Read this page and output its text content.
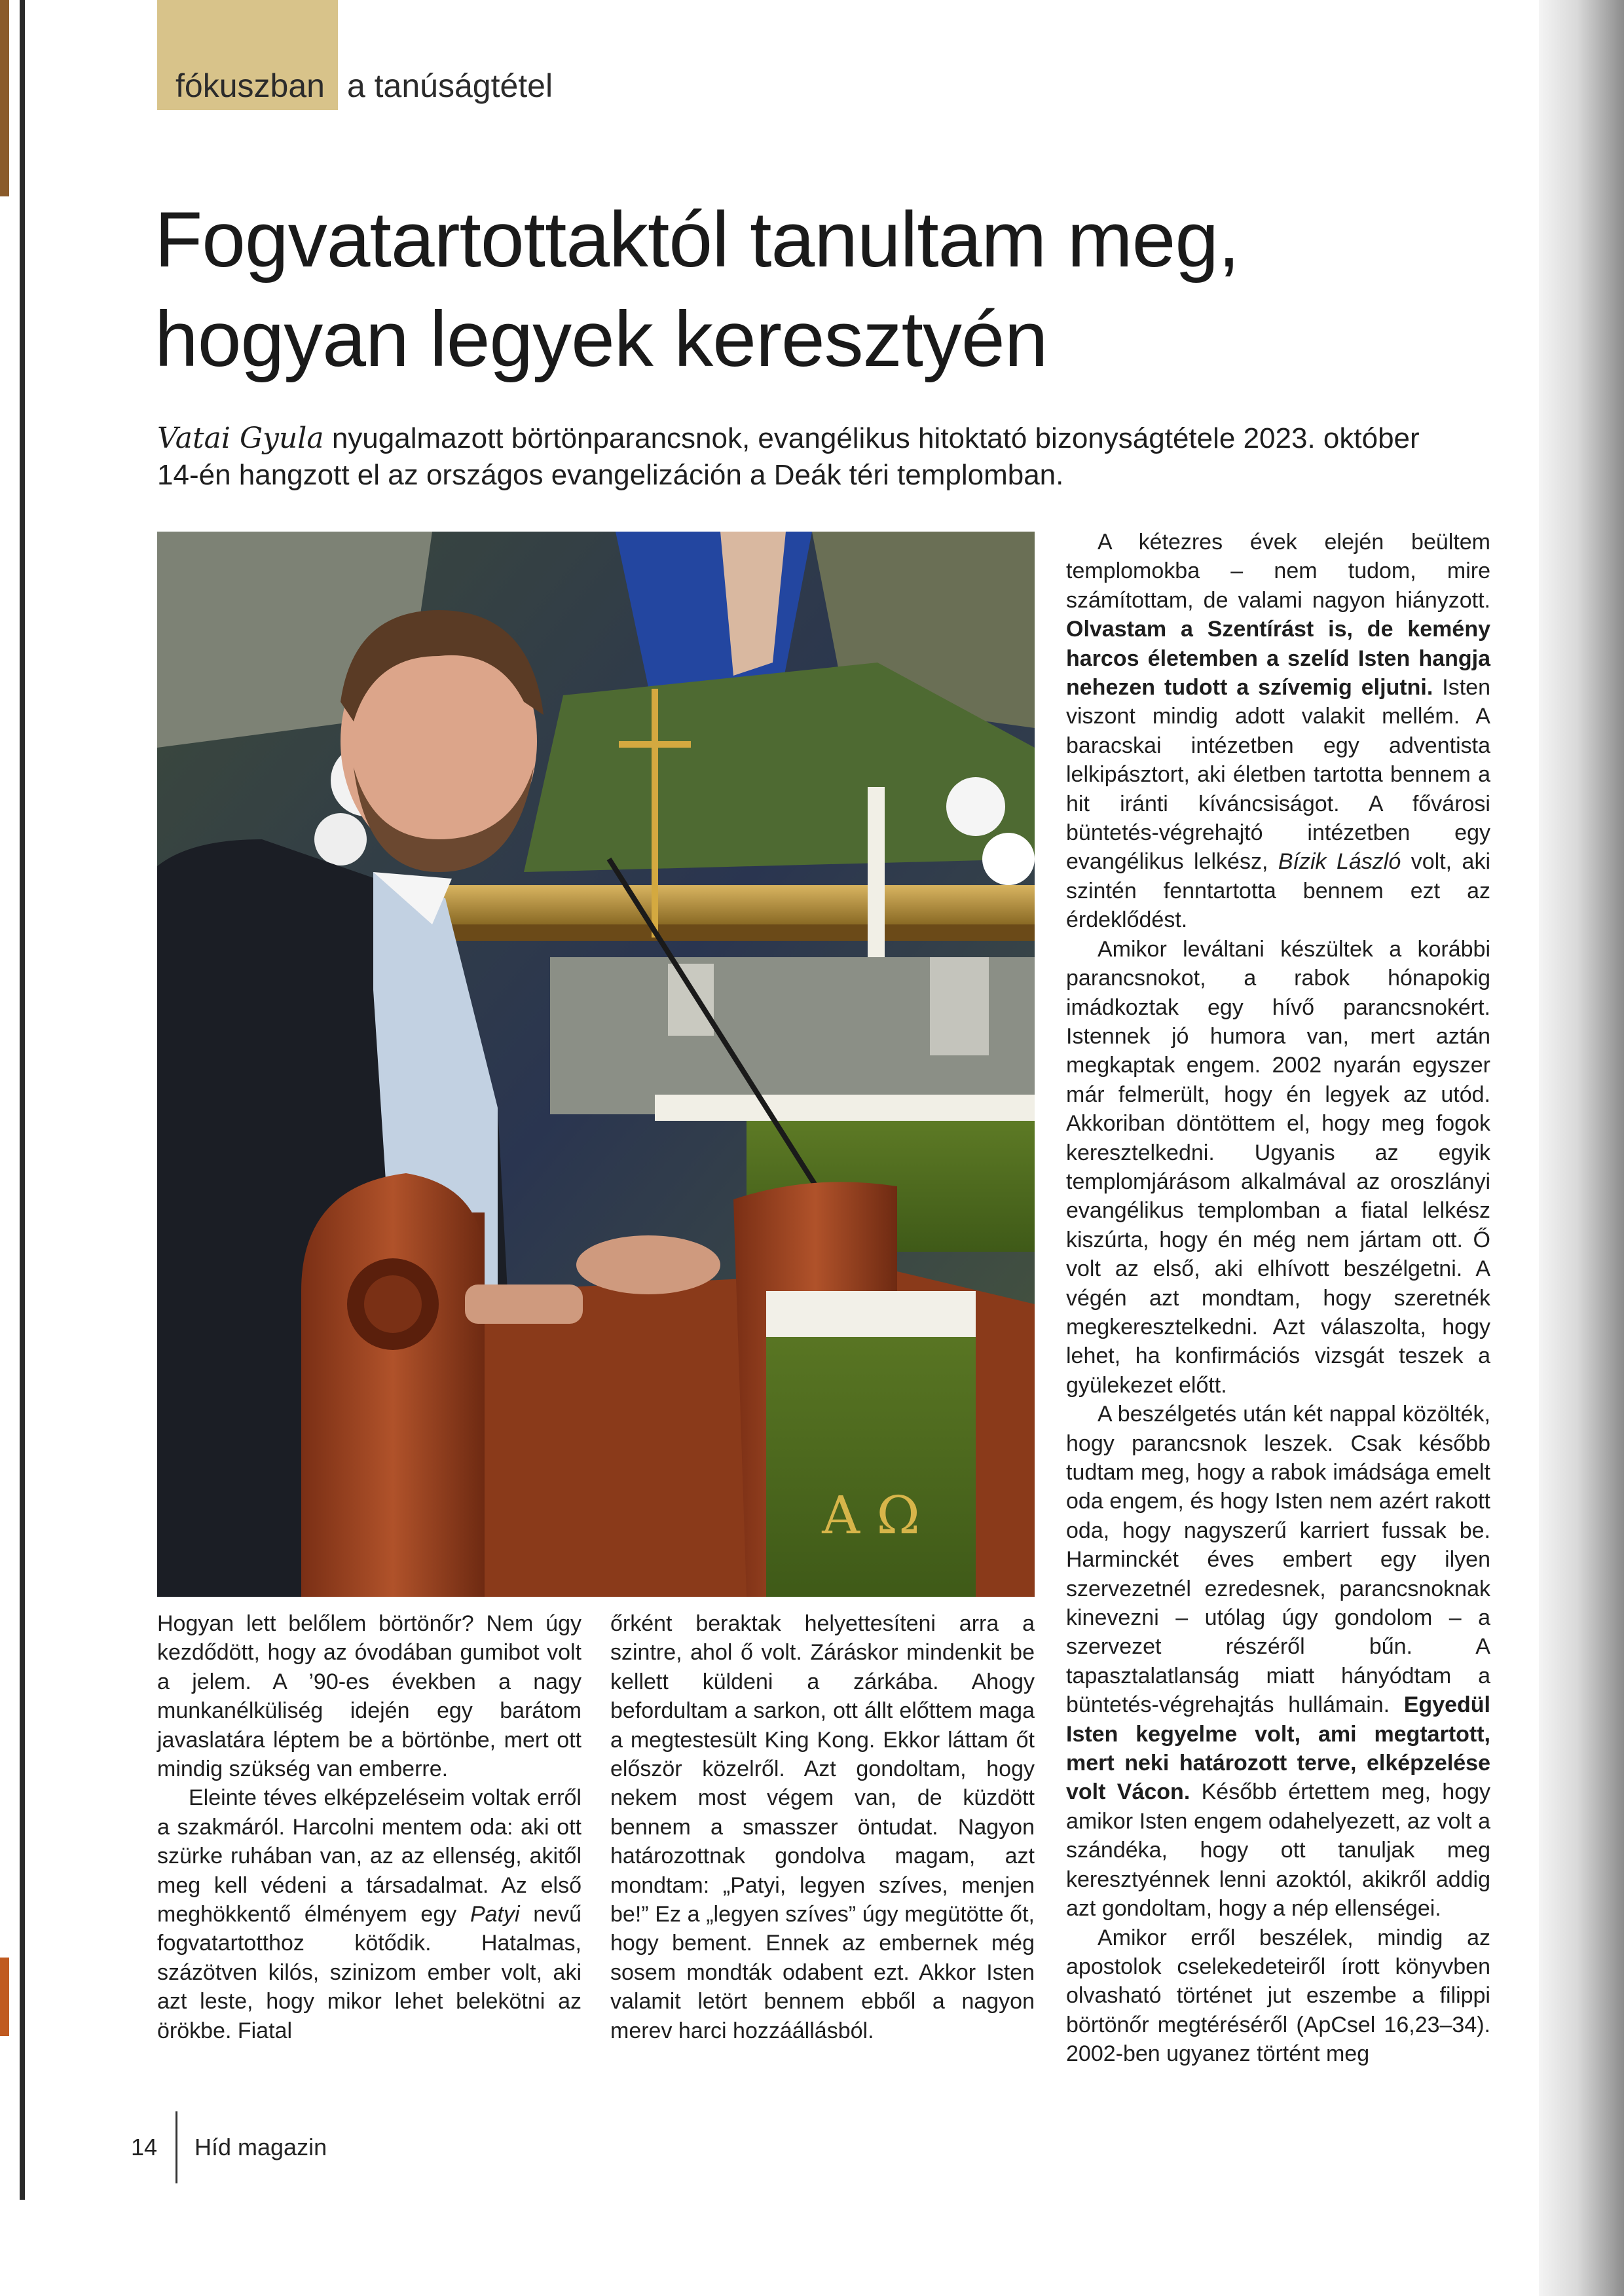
fókuszban a tanúságtétel
Fogvatartottaktól tanultam meg,
hogyan legyek keresztyén
Vatai Gyula nyugalmazott börtönparancsnok, evangélikus hitoktató bizonyságtétele 2023. október 14-én hangzott el az országos evangelizáción a Deák téri templomban.
A Ω

Hogyan lett belőlem börtönőr? Nem úgy kezdődött, hogy az óvodában gumibot volt a jelem. A ’90-es években a nagy munkanélküliség idején egy barátom javaslatára léptem be a börtönbe, mert ott mindig szükség van emberre.

Eleinte téves elképzeléseim voltak erről a szakmáról. Harcolni mentem oda: aki ott szürke ruhában van, az az ellenség, akitől meg kell védeni a társadalmat. Az első meghökkentő élményem egy Patyi nevű fogvatartotthoz kötődik. Hatalmas, százötven kilós, szinizom ember volt, aki azt leste, hogy mikor lehet belekötni az örökbe. Fiatal

őrként beraktak helyettesíteni arra a szintre, ahol ő volt. Záráskor mindenkit be kellett küldeni a zárkába. Ahogy befordultam a sarkon, ott állt előttem maga a megtestesült King Kong. Ekkor láttam őt először közelről. Azt gondoltam, hogy nekem most végem van, de küzdött bennem a smasszer öntudat. Nagyon határozottnak gondolva magam, azt mondtam: „Patyi, legyen szíves, menjen be!” Ez a „legyen szíves” úgy megütötte őt, hogy bement. Ennek az embernek még sosem mondták odabent ezt. Akkor Isten valamit letört bennem ebből a nagyon merev harci hozzáállásból.

A kétezres évek elején beültem templomokba – nem tudom, mire számítottam, de valami nagyon hiányzott. Olvastam a Szentírást is, de kemény harcos életemben a szelíd Isten hangja nehezen tudott a szívemig eljutni. Isten viszont mindig adott valakit mellém. A baracskai intézetben egy adventista lelkipásztort, aki életben tartotta bennem a hit iránti kíváncsiságot. A fővárosi büntetés-végrehajtó intézetben egy evangélikus lelkész, Bízik László volt, aki szintén fenntartotta bennem ezt az érdeklődést.

Amikor leváltani készültek a korábbi parancsnokot, a rabok hónapokig imádkoztak egy hívő parancsnokért. Istennek jó humora van, mert aztán megkaptak engem. 2002 nyarán egyszer már felmerült, hogy én legyek az utód. Akkoriban döntöttem el, hogy meg fogok keresztelkedni. Ugyanis az egyik templomjárásom alkalmával az oroszlányi evangélikus templomban a fiatal lelkész kiszúrta, hogy én még nem jártam ott. Ő volt az első, aki elhívott beszélgetni. A végén azt mondtam, hogy szeretnék megkeresztelkedni. Azt válaszolta, hogy lehet, ha konfirmációs vizsgát teszek a gyülekezet előtt.

A beszélgetés után két nappal közölték, hogy parancsnok leszek. Csak később tudtam meg, hogy a rabok imádsága emelt oda engem, és hogy Isten nem azért rakott oda, hogy nagyszerű karriert fussak be. Harminckét éves embert egy ilyen szervezetnél ezredesnek, parancsnoknak kinevezni – utólag úgy gondolom – a szervezet részéről bűn. A tapasztalatlanság miatt hányódtam a büntetés-végrehajtás hullámain. Egyedül Isten kegyelme volt, ami megtartott, mert neki határozott terve, elképzelése volt Vácon. Később értettem meg, hogy amikor Isten engem odahelyezett, az volt a szándéka, hogy ott tanuljak meg keresztyénnek lenni azoktól, akikről addig azt gondoltam, hogy a nép ellenségei.

Amikor erről beszélek, mindig az apostolok cselekedeteiről írott könyvben olvasható történet jut eszembe a filippi börtönőr megtéréséről (ApCsel 16,23–34). 2002-ben ugyanez történt meg

14	Híd magazin
